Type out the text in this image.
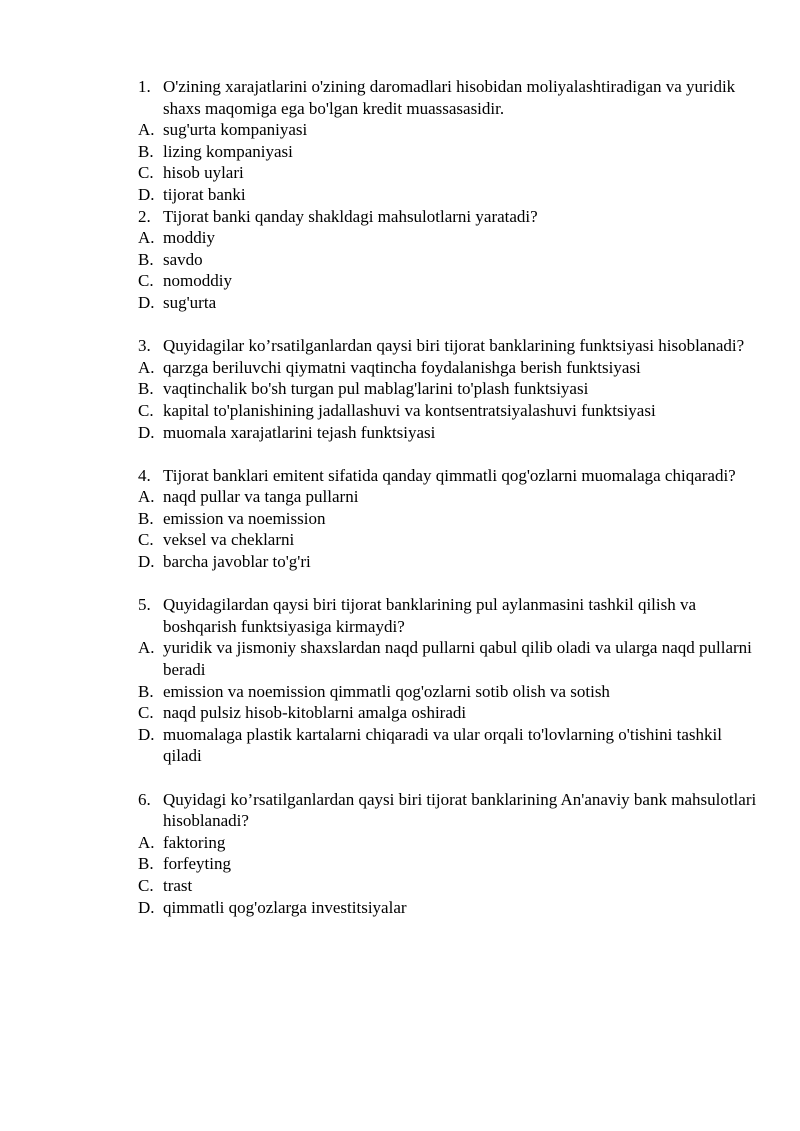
1. O'zining xarajatlarini o'zining daromadlari hisobidan moliyalashtiradigan va yuridik shaxs maqomiga ega bo'lgan kredit muassasasidir.
A. sug'urta kompaniyasi
B. lizing kompaniyasi
C. hisob uylari
D. tijorat banki
2. Tijorat banki qanday shakldagi mahsulotlarni yaratadi?
A. moddiy
B. savdo
C. nomoddiy
D. sug'urta
3. Quyidagilar ko’rsatilganlardan qaysi biri tijorat banklarining funktsiyasi hisoblanadi?
A. qarzga beriluvchi qiymatni vaqtincha foydalanishga berish funktsiyasi
B. vaqtinchalik bo'sh turgan pul mablag'larini to'plash funktsiyasi
C. kapital to'planishining jadallashuvi va kontsentratsiyalashuvi funktsiyasi
D. muomala xarajatlarini tejash funktsiyasi
4. Tijorat banklari emitent sifatida qanday qimmatli qog'ozlarni muomalaga chiqaradi?
A. naqd pullar va tanga pullarni
B. emission va noemission
C. veksel va cheklarni
D. barcha javoblar to'g'ri
5. Quyidagilardan qaysi biri tijorat banklarining pul aylanmasini tashkil qilish va boshqarish funktsiyasiga kirmaydi?
A. yuridik va jismoniy shaxslardan naqd pullarni qabul qilib oladi va ularga naqd pullarni beradi
B. emission va noemission qimmatli qog'ozlarni sotib olish va sotish
C. naqd pulsiz hisob-kitoblarni amalga oshiradi
D. muomalaga plastik kartalarni chiqaradi va ular orqali to'lovlarning o'tishini tashkil qiladi
6. Quyidagi ko’rsatilganlardan qaysi biri tijorat banklarining An'anaviy bank mahsulotlari hisoblanadi?
A. faktoring
B. forfeyting
C. trast
D. qimmatli qog'ozlarga investitsiyalar
